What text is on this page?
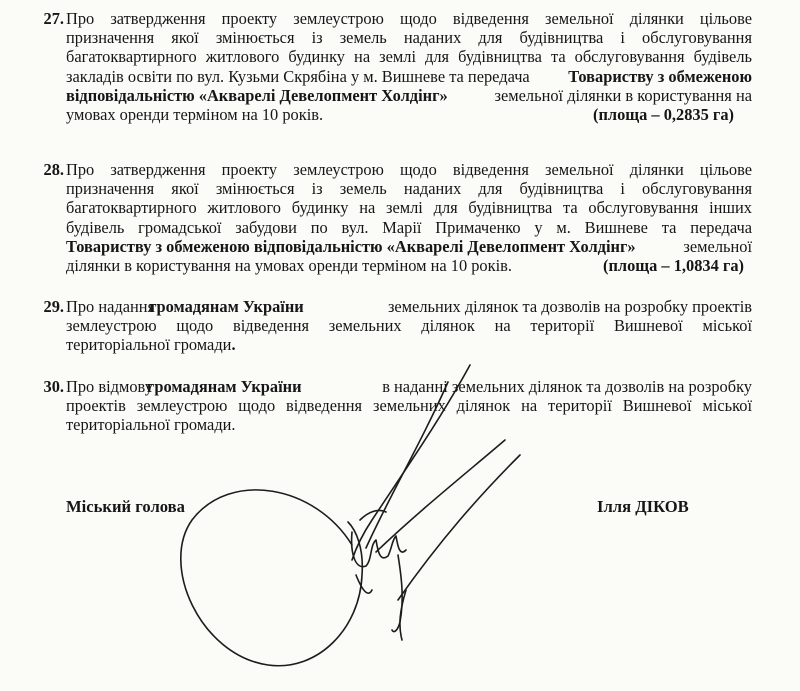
27. Про затвердження проекту землеустрою щодо відведення земельної ділянки цільове
призначення якої змінюється із земель наданих для будівництва і обслуговування
багатоквартирного житлового будинку на землі для будівництва та обслуговування будівель
закладів освіти по вул. Кузьми Скрябіна у м. Вишневе та передача Товариству з обмеженою
відповідальністю «Акварелі Девелопмент Холдінг»	земельної ділянки в користування на
умовах оренди терміном на 10 років.	(площа – 0,2835 га)
28. Про затвердження проекту землеустрою щодо відведення земельної ділянки цільове
призначення якої змінюється із земель наданих для будівництва і обслуговування
багатоквартирного житлового будинку на землі для будівництва та обслуговування інших
будівель громадської забудови по вул. Марії Примаченко у м. Вишневе та передача
Товариству з обмеженою відповідальністю «Акварелі Девелопмент Холдінг»	земельної
ділянки в користування на умовах оренди терміном на 10 років.	(площа – 1,0834 га)
29. Про надання
громадянам України	земельних ділянок та дозволів на розробку проектів
землеустрою щодо відведення земельних ділянок на території Вишневої міської
територіальної громади.
30. Про відмову
громадянам України	в наданні земельних ділянок та дозволів на розробку
проектів землеустрою щодо відведення земельних ділянок на території Вишневої міської
територіальної громади.
Міський голова	Ілля ДІКОВ
